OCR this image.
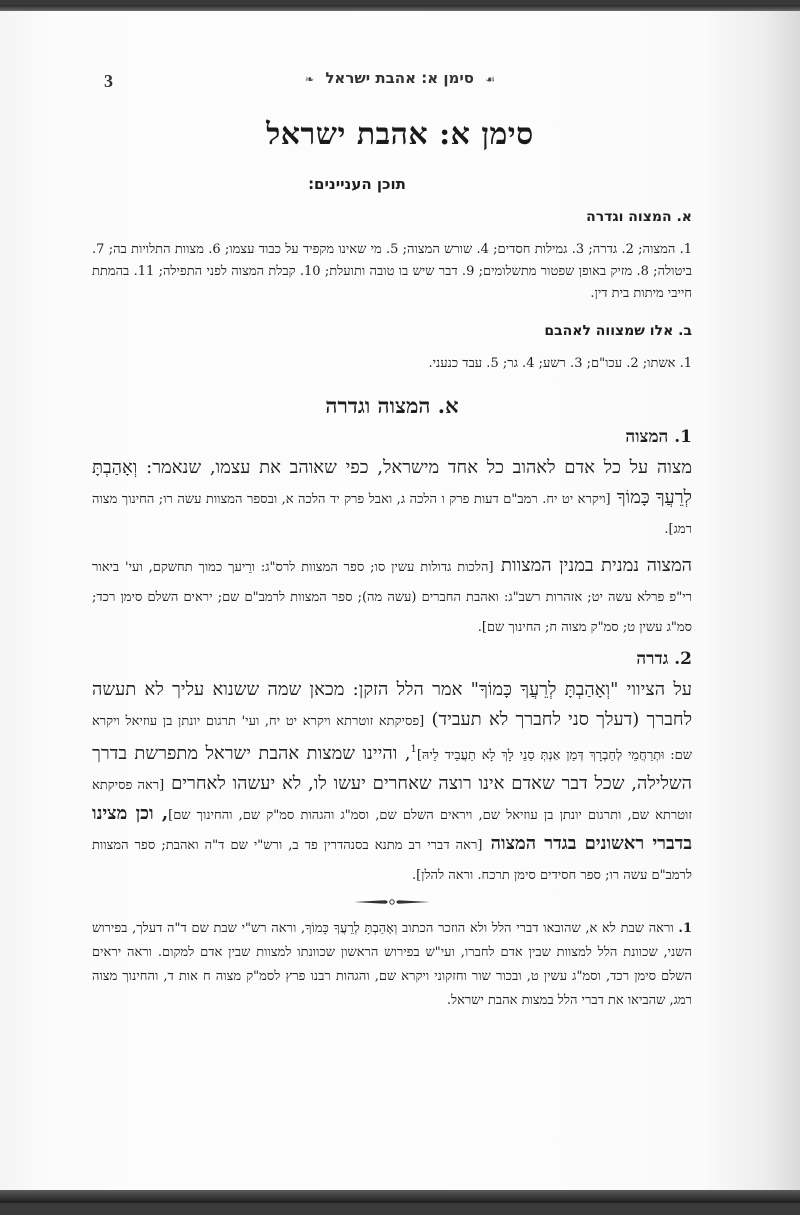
3	☙ סימן א: אהבת ישראל ❧
סימן א: אהבת ישראל
תוכן העניינים:
א. המצוה וגדרה
1. המצוה; 2. גדרה; 3. גמילות חסדים; 4. שורש המצוה; 5. מי שאינו מקפיד על כבוד עצמו; 6. מצוות התלויות בה; 7. ביטולה; 8. מזיק באופן שפטור מתשלומים; 9. דבר שיש בו טובה ותועלת; 10. קבלת המצוה לפני התפילה; 11. בהמתת חייבי מיתות בית דין.
ב. אלו שמצווה לאהבם
1. אשתו; 2. עכו"ם; 3. רשע; 4. גר; 5. עבד כנעני.
א. המצוה וגדרה
1. המצוה

מצוה על כל אדם לאהוב כל אחד מישראל, כפי שאוהב את עצמו, שנאמר: וְאָהַבְתָּ לְרֵעֲךָ כָּמוֹךָ [ויקרא יט יח. רמב"ם דעות פרק ו הלכה ג, ואבל פרק יד הלכה א, ובספר המצוות עשה רו; החינוך מצוה רמג].

המצוה נמנית במנין המצוות [הלכות גדולות עשין סו; ספר המצוות לרס"ג: ורֵיעך כמוך תחשקם, ועי' ביאור רי"פ פרלא עשה יט; אזהרות רשב"ג: ואהבת החברים (עשה מה); ספר המצוות לרמב"ם שם; יראים השלם סימן רכד; סמ"ג עשין ט; סמ"ק מצוה ח; החינוך שם].

2. גדרה

על הציווי "וְאָהַבְתָּ לְרֵעֲךָ כָּמוֹךָ" אמר הלל הזקן: מכאן שמה ששנוא עליך לא תעשה לחברך (דעלך סני לחברך לא תעביד) [פסיקתא זוטרתא ויקרא יט יח, ועי' תרגום יונתן בן עוזיאל ויקרא שם: וּתְרַחֲמֵי לְחַבְרָךְ דְּמַן אַנְתְּ סַנֵי לָךְ לָא תַעֲבֵיד לֵיהּ]$^1$, והיינו שמצות אהבת ישראל מתפרשת בדרך השלילה, שכל דבר שאדם אינו רוצה שאחרים יעשו לו, לא יעשהו לאחרים [ראה פסיקתא זוטרתא שם, ותרגום יונתן בן עוזיאל שם, ויראים השלם שם, וסמ"ג והגהות סמ"ק שם, והחינוך שם], וכן מצינו בדברי ראשונים בגדר המצוה [ראה דברי רב מתנא בסנהדרין פד ב, ורש"י שם ד"ה ואהבת; ספר המצוות לרמב"ם עשה רו; ספר חסידים סימן תרכח. וראה להלן].

1. וראה שבת לא א, שהובאו דברי הלל ולא הוזכר הכתוב וְאָהַבְתָּ לְרֵעֲךָ כָּמוֹךָ, וראה רש"י שבת שם ד"ה דעלך, בפירוש השני, שכוונת הלל למצוות שבין אדם לחברו, ועי"ש בפירוש הראשון שכוונתו למצוות שבין אדם למקום. וראה יראים השלם סימן רכד, וסמ"ג עשין ט, ובכור שור וחזקוני ויקרא שם, והגהות רבנו פרץ לסמ"ק מצוה ח אות ד, והחינוך מצוה רמג, שהביאו את דברי הלל במצות אהבת ישראל.
